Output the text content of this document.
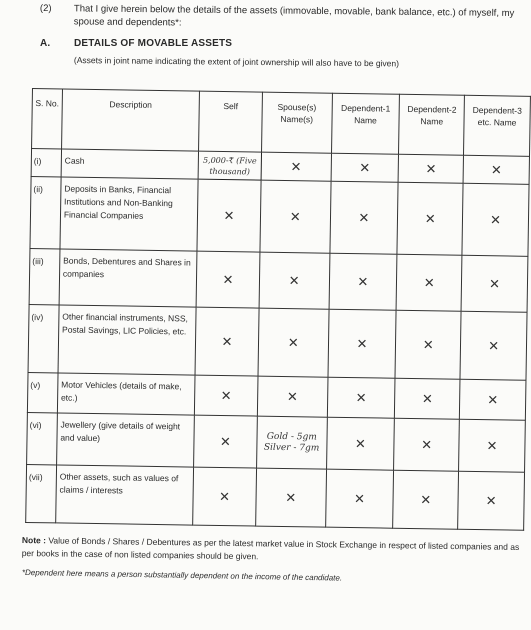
(2) That I give herein below the details of the assets (immovable, movable, bank balance, etc.) of myself, my spouse and dependents*:
A. DETAILS OF MOVABLE ASSETS
(Assets in joint name indicating the extent of joint ownership will also have to be given)
S. No.	Description	Self	Spouse(s) Name(s)	Dependent-1 Name	Dependent-2 Name	Dependent-3 etc. Name
(i)	Cash	5,000-₹ (Five thousand)	✕	✕	✕	✕
(ii)	Deposits in Banks, Financial Institutions and Non-Banking Financial Companies	✕	✕	✕	✕	✕
(iii)	Bonds, Debentures and Shares in companies	✕	✕	✕	✕	✕
(iv)	Other financial instruments, NSS, Postal Savings, LIC Policies, etc.	✕	✕	✕	✕	✕
(v)	Motor Vehicles (details of make, etc.)	✕	✕	✕	✕	✕
(vi)	Jewellery (give details of weight and value)	✕	Gold - 5gm Silver - 7gm	✕	✕	✕
(vii)	Other assets, such as values of claims / interests	✕	✕	✕	✕	✕
Note : Value of Bonds / Shares / Debentures as per the latest market value in Stock Exchange in respect of listed companies and as per books in the case of non listed companies should be given.
*Dependent here means a person substantially dependent on the income of the candidate.
